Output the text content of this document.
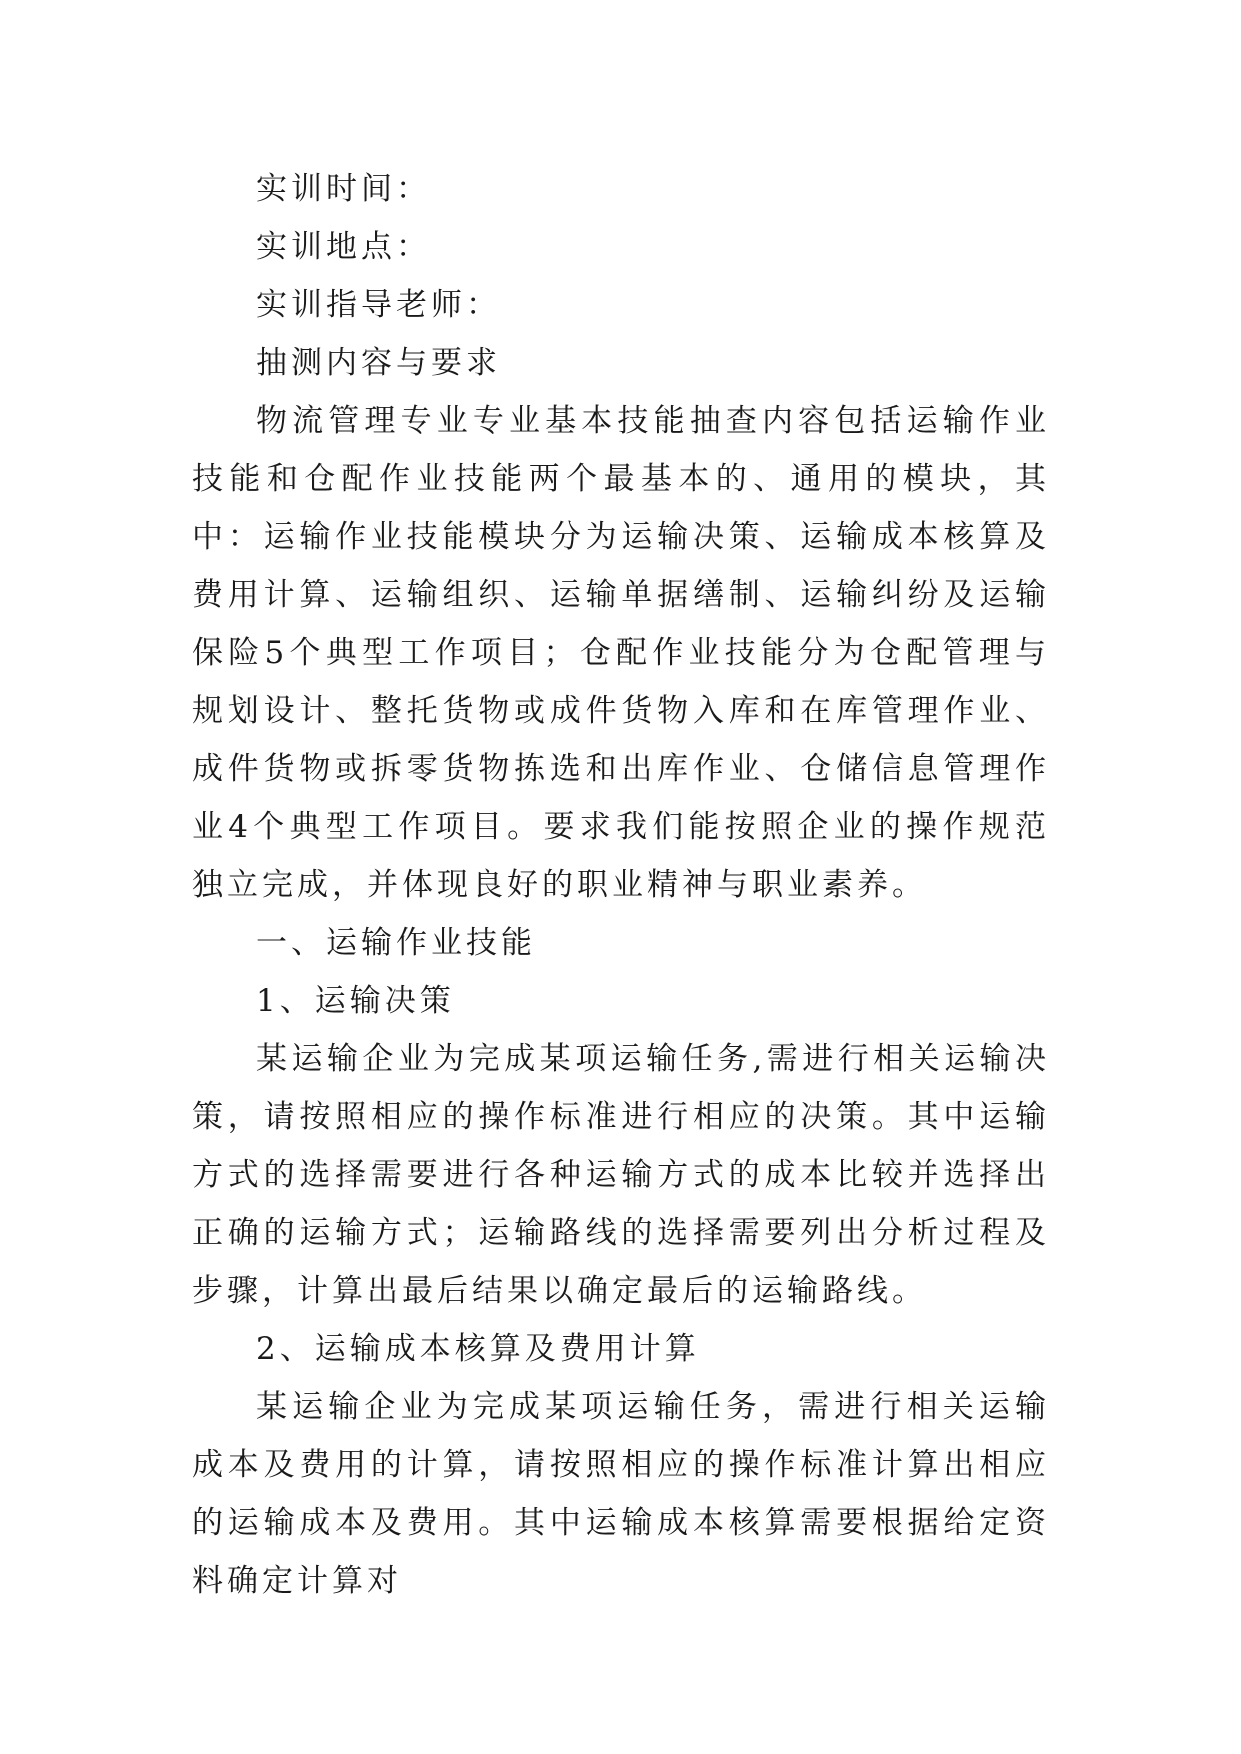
实训时间：

实训地点：

实训指导老师：

抽测内容与要求

物流管理专业专业基本技能抽查内容包括运输作业技能和仓配作业技能两个最基本的、通用的模块，其中：运输作业技能模块分为运输决策、运输成本核算及费用计算、运输组织、运输单据缮制、运输纠纷及运输保险5个典型工作项目；仓配作业技能分为仓配管理与规划设计、整托货物或成件货物入库和在库管理作业、成件货物或拆零货物拣选和出库作业、仓储信息管理作业4个典型工作项目。要求我们能按照企业的操作规范独立完成，并体现良好的职业精神与职业素养。

一、运输作业技能

1、运输决策

某运输企业为完成某项运输任务,需进行相关运输决策，请按照相应的操作标准进行相应的决策。其中运输方式的选择需要进行各种运输方式的成本比较并选择出正确的运输方式；运输路线的选择需要列出分析过程及步骤，计算出最后结果以确定最后的运输路线。

2、运输成本核算及费用计算

某运输企业为完成某项运输任务，需进行相关运输成本及费用的计算，请按照相应的操作标准计算出相应的运输成本及费用。其中运输成本核算需要根据给定资料确定计算对
